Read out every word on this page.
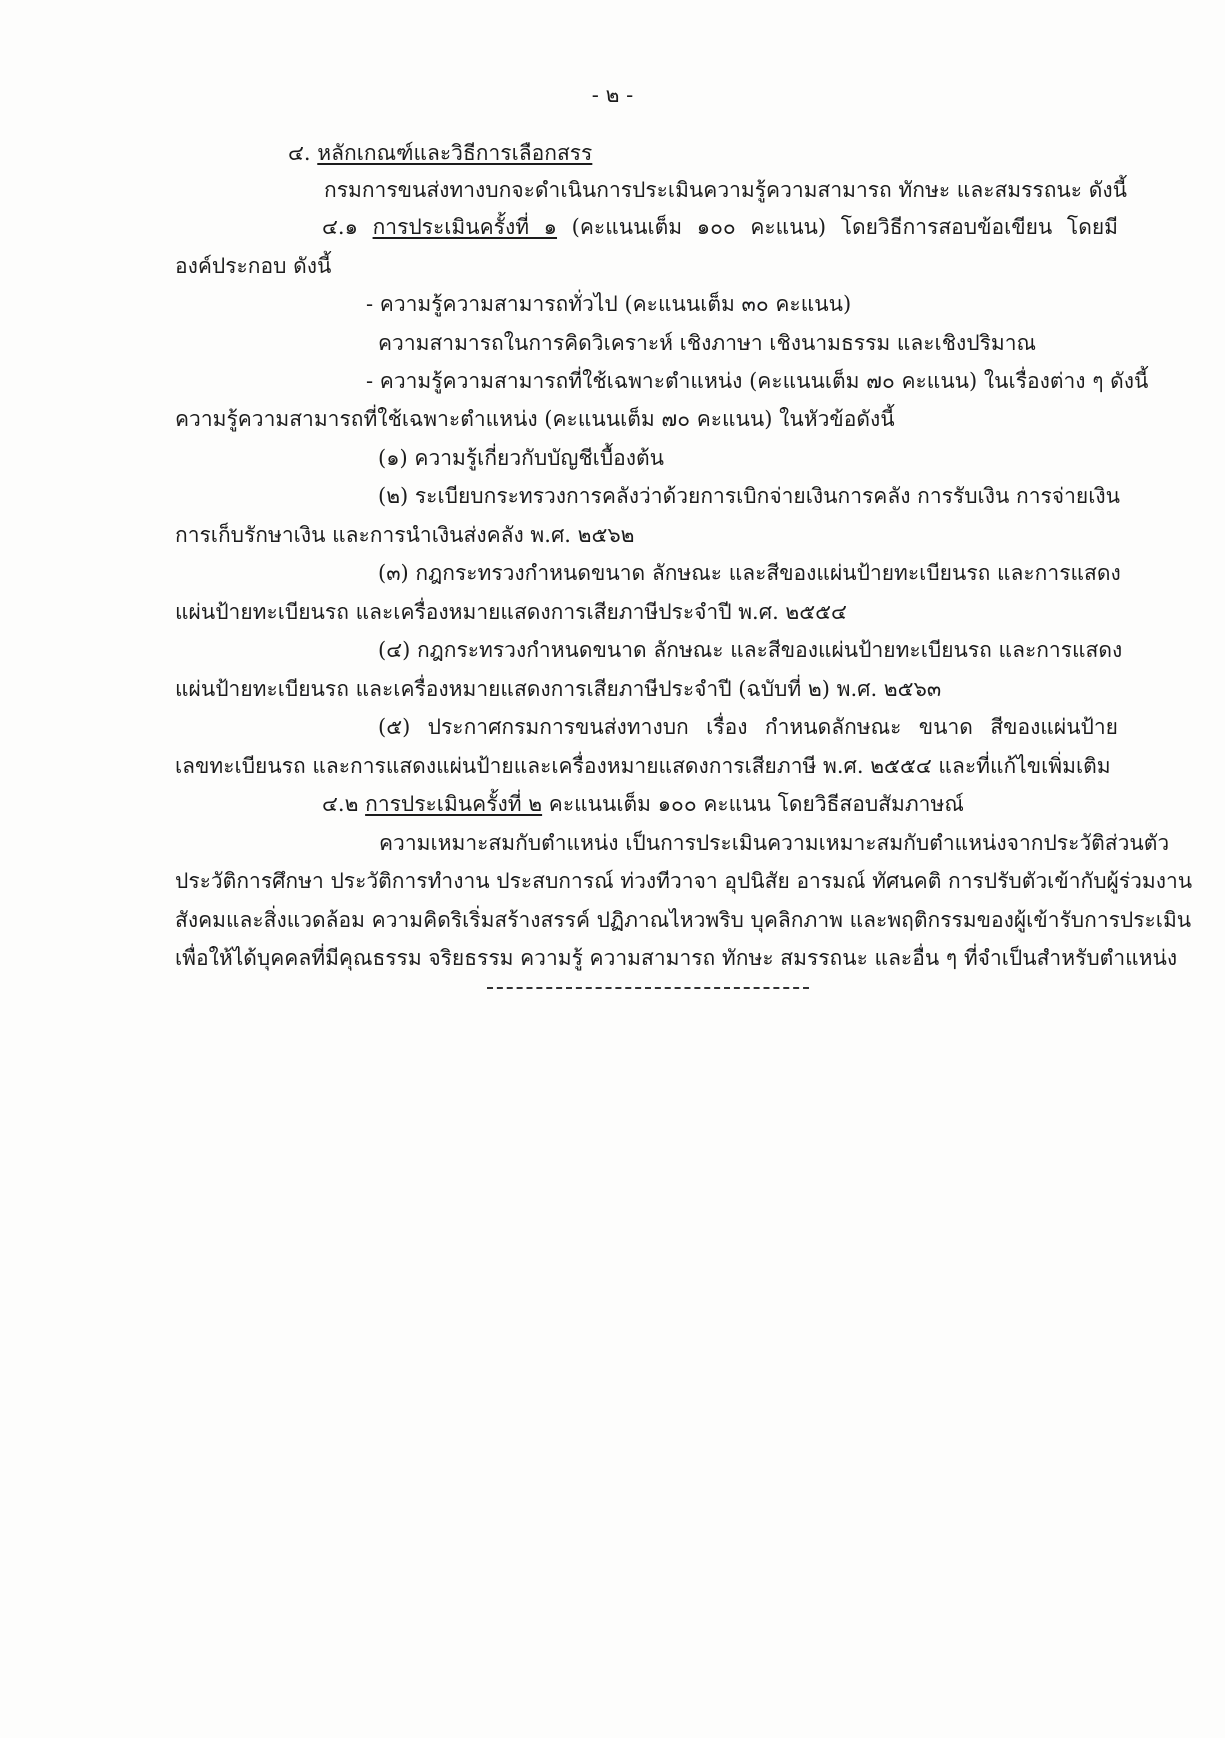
- ๒ -
๔. หลักเกณฑ์และวิธีการเลือกสรร
กรมการขนส่งทางบกจะดำเนินการประเมินความรู้ความสามารถ ทักษะ และสมรรถนะ ดังนี้
๔.๑ การประเมินครั้งที่ ๑ (คะแนนเต็ม ๑๐๐ คะแนน) โดยวิธีการสอบข้อเขียน โดยมี
องค์ประกอบ ดังนี้
- ความรู้ความสามารถทั่วไป (คะแนนเต็ม ๓๐ คะแนน)
ความสามารถในการคิดวิเคราะห์ เชิงภาษา เชิงนามธรรม และเชิงปริมาณ
- ความรู้ความสามารถที่ใช้เฉพาะตำแหน่ง (คะแนนเต็ม ๗๐ คะแนน) ในเรื่องต่าง ๆ ดังนี้
ความรู้ความสามารถที่ใช้เฉพาะตำแหน่ง (คะแนนเต็ม ๗๐ คะแนน) ในหัวข้อดังนี้
(๑) ความรู้เกี่ยวกับบัญชีเบื้องต้น
(๒) ระเบียบกระทรวงการคลังว่าด้วยการเบิกจ่ายเงินการคลัง การรับเงิน การจ่ายเงิน
การเก็บรักษาเงิน และการนำเงินส่งคลัง พ.ศ. ๒๕๖๒
(๓) กฎกระทรวงกำหนดขนาด ลักษณะ และสีของแผ่นป้ายทะเบียนรถ และการแสดง
แผ่นป้ายทะเบียนรถ และเครื่องหมายแสดงการเสียภาษีประจำปี พ.ศ. ๒๕๕๔
(๔) กฎกระทรวงกำหนดขนาด ลักษณะ และสีของแผ่นป้ายทะเบียนรถ และการแสดง
แผ่นป้ายทะเบียนรถ และเครื่องหมายแสดงการเสียภาษีประจำปี (ฉบับที่ ๒) พ.ศ. ๒๕๖๓
(๕) ประกาศกรมการขนส่งทางบก เรื่อง กำหนดลักษณะ ขนาด สีของแผ่นป้าย
เลขทะเบียนรถ และการแสดงแผ่นป้ายและเครื่องหมายแสดงการเสียภาษี พ.ศ. ๒๕๕๔ และที่แก้ไขเพิ่มเติม
๔.๒ การประเมินครั้งที่ ๒ คะแนนเต็ม ๑๐๐ คะแนน โดยวิธีสอบสัมภาษณ์
ความเหมาะสมกับตำแหน่ง เป็นการประเมินความเหมาะสมกับตำแหน่งจากประวัติส่วนตัว
ประวัติการศึกษา ประวัติการทำงาน ประสบการณ์ ท่วงทีวาจา อุปนิสัย อารมณ์ ทัศนคติ การปรับตัวเข้ากับผู้ร่วมงาน
สังคมและสิ่งแวดล้อม ความคิดริเริ่มสร้างสรรค์ ปฏิภาณไหวพริบ บุคลิกภาพ และพฤติกรรมของผู้เข้ารับการประเมิน
เพื่อให้ได้บุคคลที่มีคุณธรรม จริยธรรม ความรู้ ความสามารถ ทักษะ สมรรถนะ และอื่น ๆ ที่จำเป็นสำหรับตำแหน่ง
